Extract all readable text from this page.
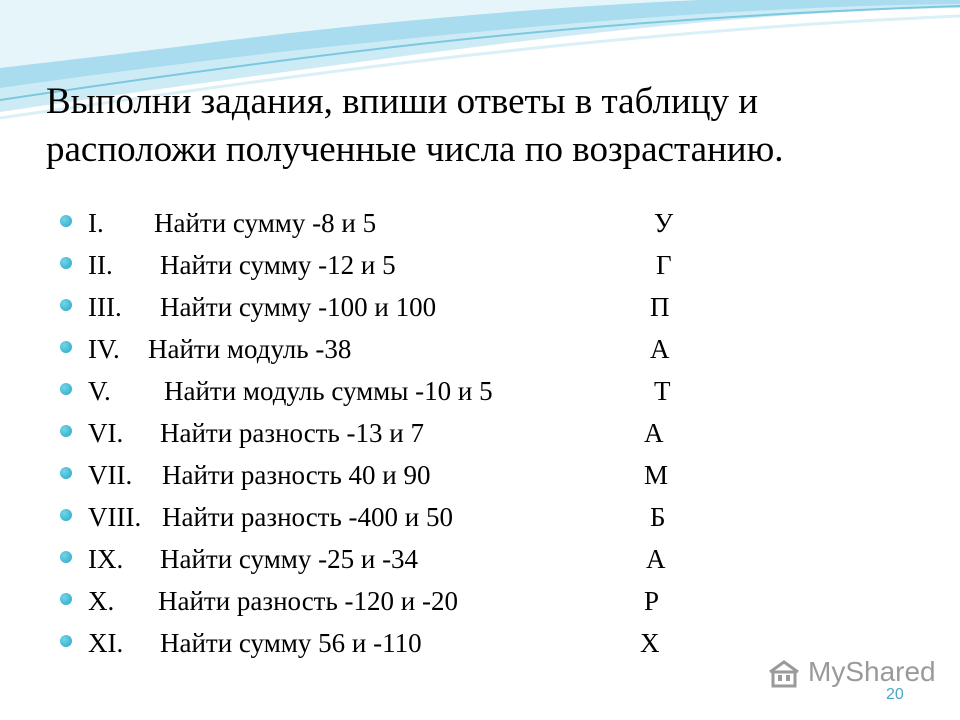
Выполни задания, впиши ответы в таблицу и
расположи полученные числа по возрастанию.
I. Найти сумму -8 и 5	У
II. Найти сумму -12 и 5	Г
III. Найти сумму -100 и 100	П
IV. Найти модуль -38	А
V. Найти модуль суммы -10 и 5	Т
VI. Найти разность -13 и 7	А
VII. Найти разность 40 и 90	М
VIII. Найти разность -400 и 50	Б
IX. Найти сумму -25 и -34	А
X. Найти разность -120 и -20	Р
XI. Найти сумму 56 и -110	Х
MyShared
20
